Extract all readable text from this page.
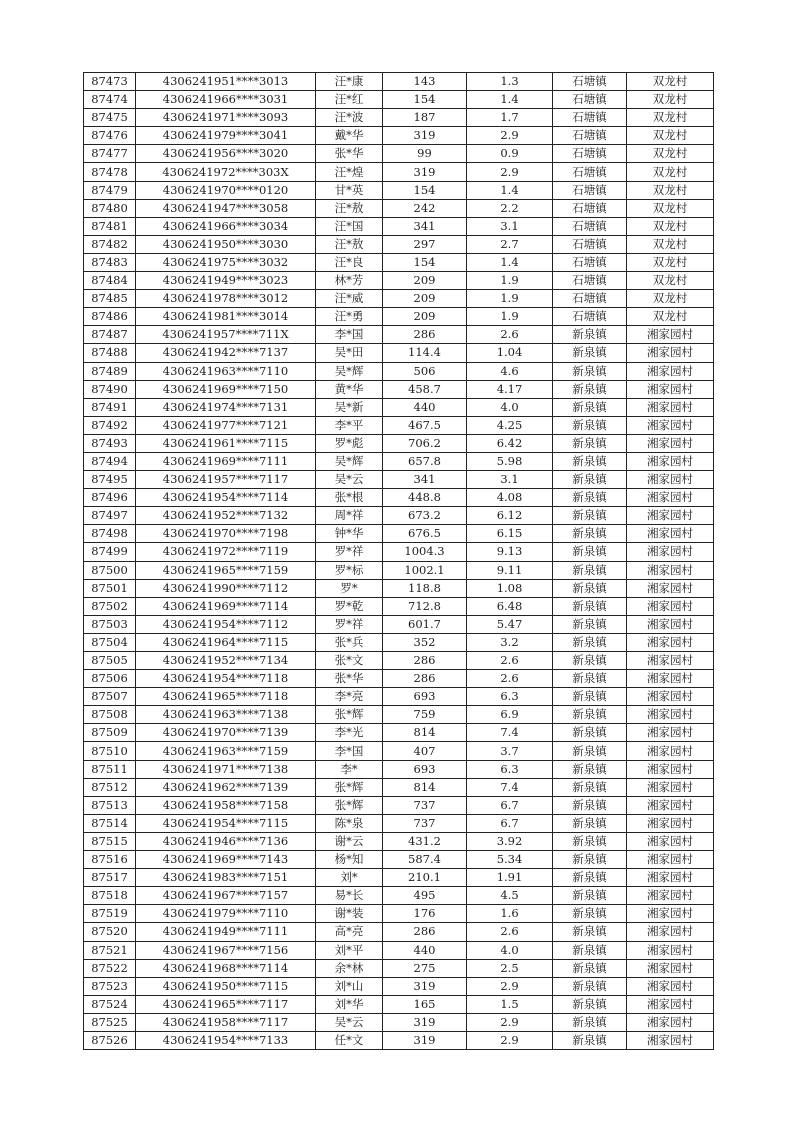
87473	4306241951****3013	汪*康	143	1.3	石塘镇	双龙村
87474	4306241966****3031	汪*红	154	1.4	石塘镇	双龙村
87475	4306241971****3093	汪*波	187	1.7	石塘镇	双龙村
87476	4306241979****3041	戴*华	319	2.9	石塘镇	双龙村
87477	4306241956****3020	张*华	99	0.9	石塘镇	双龙村
87478	4306241972****303X	汪*煌	319	2.9	石塘镇	双龙村
87479	4306241970****0120	甘*英	154	1.4	石塘镇	双龙村
87480	4306241947****3058	汪*敖	242	2.2	石塘镇	双龙村
87481	4306241966****3034	汪*国	341	3.1	石塘镇	双龙村
87482	4306241950****3030	汪*敖	297	2.7	石塘镇	双龙村
87483	4306241975****3032	汪*良	154	1.4	石塘镇	双龙村
87484	4306241949****3023	林*芳	209	1.9	石塘镇	双龙村
87485	4306241978****3012	汪*威	209	1.9	石塘镇	双龙村
87486	4306241981****3014	汪*勇	209	1.9	石塘镇	双龙村
87487	4306241957****711X	李*国	286	2.6	新泉镇	湘家园村
87488	4306241942****7137	吴*田	114.4	1.04	新泉镇	湘家园村
87489	4306241963****7110	吴*辉	506	4.6	新泉镇	湘家园村
87490	4306241969****7150	黄*华	458.7	4.17	新泉镇	湘家园村
87491	4306241974****7131	吴*新	440	4.0	新泉镇	湘家园村
87492	4306241977****7121	李*平	467.5	4.25	新泉镇	湘家园村
87493	4306241961****7115	罗*彪	706.2	6.42	新泉镇	湘家园村
87494	4306241969****7111	吴*辉	657.8	5.98	新泉镇	湘家园村
87495	4306241957****7117	吴*云	341	3.1	新泉镇	湘家园村
87496	4306241954****7114	张*根	448.8	4.08	新泉镇	湘家园村
87497	4306241952****7132	周*祥	673.2	6.12	新泉镇	湘家园村
87498	4306241970****7198	钟*华	676.5	6.15	新泉镇	湘家园村
87499	4306241972****7119	罗*祥	1004.3	9.13	新泉镇	湘家园村
87500	4306241965****7159	罗*标	1002.1	9.11	新泉镇	湘家园村
87501	4306241990****7112	罗*	118.8	1.08	新泉镇	湘家园村
87502	4306241969****7114	罗*乾	712.8	6.48	新泉镇	湘家园村
87503	4306241954****7112	罗*祥	601.7	5.47	新泉镇	湘家园村
87504	4306241964****7115	张*兵	352	3.2	新泉镇	湘家园村
87505	4306241952****7134	张*文	286	2.6	新泉镇	湘家园村
87506	4306241954****7118	张*华	286	2.6	新泉镇	湘家园村
87507	4306241965****7118	李*亮	693	6.3	新泉镇	湘家园村
87508	4306241963****7138	张*辉	759	6.9	新泉镇	湘家园村
87509	4306241970****7139	李*光	814	7.4	新泉镇	湘家园村
87510	4306241963****7159	李*国	407	3.7	新泉镇	湘家园村
87511	4306241971****7138	李*	693	6.3	新泉镇	湘家园村
87512	4306241962****7139	张*辉	814	7.4	新泉镇	湘家园村
87513	4306241958****7158	张*辉	737	6.7	新泉镇	湘家园村
87514	4306241954****7115	陈*泉	737	6.7	新泉镇	湘家园村
87515	4306241946****7136	谢*云	431.2	3.92	新泉镇	湘家园村
87516	4306241969****7143	杨*知	587.4	5.34	新泉镇	湘家园村
87517	4306241983****7151	刘*	210.1	1.91	新泉镇	湘家园村
87518	4306241967****7157	易*长	495	4.5	新泉镇	湘家园村
87519	4306241979****7110	谢*装	176	1.6	新泉镇	湘家园村
87520	4306241949****7111	高*亮	286	2.6	新泉镇	湘家园村
87521	4306241967****7156	刘*平	440	4.0	新泉镇	湘家园村
87522	4306241968****7114	余*林	275	2.5	新泉镇	湘家园村
87523	4306241950****7115	刘*山	319	2.9	新泉镇	湘家园村
87524	4306241965****7117	刘*华	165	1.5	新泉镇	湘家园村
87525	4306241958****7117	吴*云	319	2.9	新泉镇	湘家园村
87526	4306241954****7133	任*文	319	2.9	新泉镇	湘家园村
